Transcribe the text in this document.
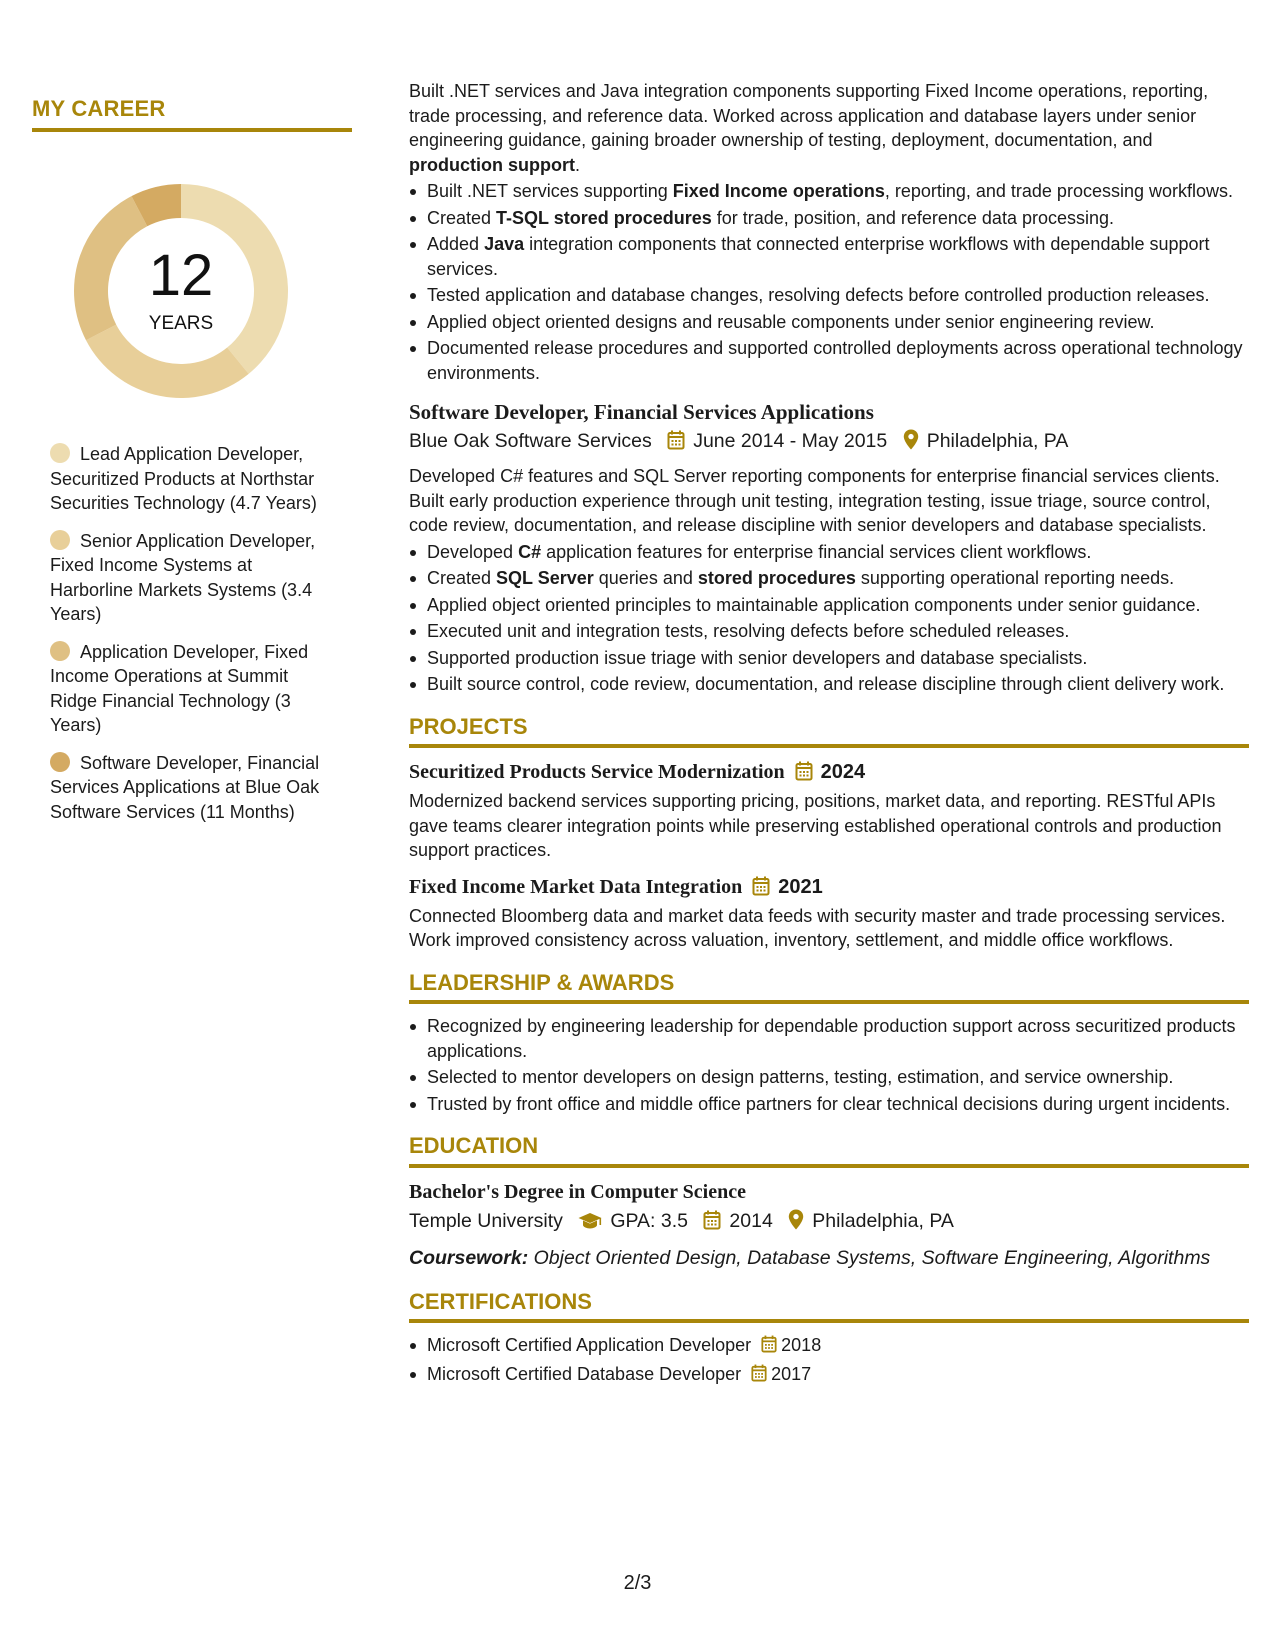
MY CAREER
12
YEARS
Lead Application Developer, Securitized Products at Northstar Securities Technology (4.7 Years)
Senior Application Developer, Fixed Income Systems at Harborline Markets Systems (3.4 Years)
Application Developer, Fixed Income Operations at Summit Ridge Financial Technology (3 Years)
Software Developer, Financial Services Applications at Blue Oak Software Services (11 Months)
Built .NET services and Java integration components supporting Fixed Income operations, reporting, trade processing, and reference data. Worked across application and database layers under senior engineering guidance, gaining broader ownership of testing, deployment, documentation, and production support.
Built .NET services supporting Fixed Income operations, reporting, and trade processing workflows.
Created T-SQL stored procedures for trade, position, and reference data processing.
Added Java integration components that connected enterprise workflows with dependable support services.
Tested application and database changes, resolving defects before controlled production releases.
Applied object oriented designs and reusable components under senior engineering review.
Documented release procedures and supported controlled deployments across operational technology environments.
Software Developer, Financial Services Applications
Blue Oak Software Services June 2014 - May 2015 Philadelphia, PA
Developed C# features and SQL Server reporting components for enterprise financial services clients. Built early production experience through unit testing, integration testing, issue triage, source control, code review, documentation, and release discipline with senior developers and database specialists.
Developed C# application features for enterprise financial services client workflows.
Created SQL Server queries and stored procedures supporting operational reporting needs.
Applied object oriented principles to maintainable application components under senior guidance.
Executed unit and integration tests, resolving defects before scheduled releases.
Supported production issue triage with senior developers and database specialists.
Built source control, code review, documentation, and release discipline through client delivery work.
PROJECTS
Securitized Products Service Modernization 2024
Modernized backend services supporting pricing, positions, market data, and reporting. RESTful APIs gave teams clearer integration points while preserving established operational controls and production support practices.
Fixed Income Market Data Integration 2021
Connected Bloomberg data and market data feeds with security master and trade processing services. Work improved consistency across valuation, inventory, settlement, and middle office workflows.
LEADERSHIP & AWARDS
Recognized by engineering leadership for dependable production support across securitized products applications.
Selected to mentor developers on design patterns, testing, estimation, and service ownership.
Trusted by front office and middle office partners for clear technical decisions during urgent incidents.
EDUCATION
Bachelor's Degree in Computer Science
Temple University GPA: 3.5 2014 Philadelphia, PA
Coursework: Object Oriented Design, Database Systems, Software Engineering, Algorithms
CERTIFICATIONS
Microsoft Certified Application Developer 2018
Microsoft Certified Database Developer 2017
2/3
